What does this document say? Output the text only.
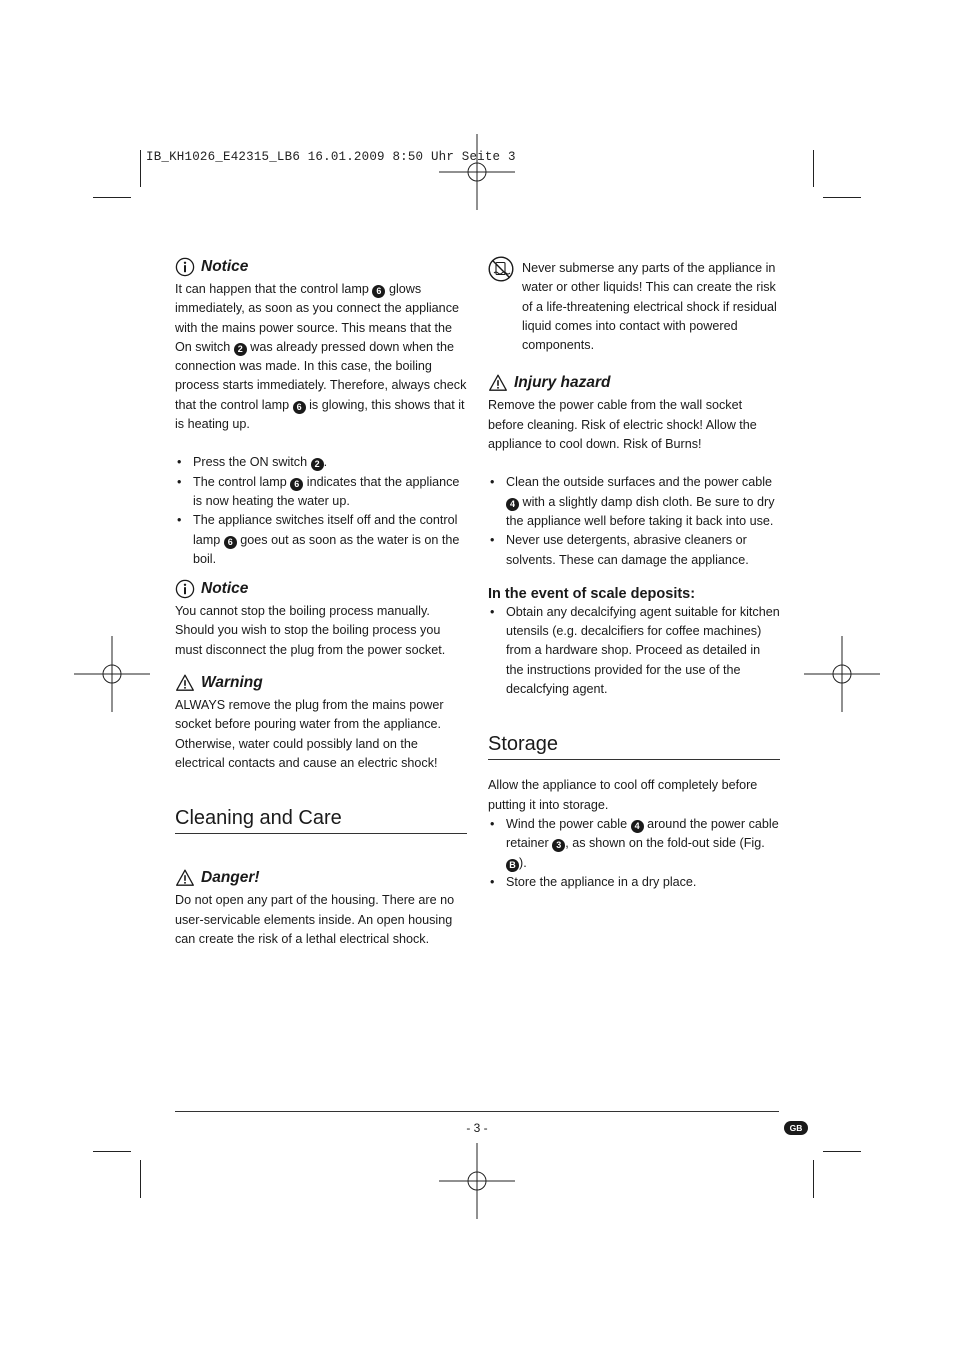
IB_KH1026_E42315_LB6 16.01.2009 8:50 Uhr Seite 3
Notice

It can happen that the control lamp 6 glows immediately, as soon as you connect the appliance with the mains power source. This means that the On switch 2 was already pressed down when the connection was made. In this case, the boiling process starts immediately. Therefore, always check that the control lamp 6 is glowing, this shows that it is heating up.

• Press the ON switch 2 .
• The control lamp 6 indicates that the appliance is now heating the water up.
• The appliance switches itself off and the control lamp 6 goes out as soon as the water is on the boil.
Notice

You cannot stop the boiling process manually. Should you wish to stop the boiling process you must disconnect the plug from the power socket.

Warning

ALWAYS remove the plug from the mains power socket before pouring water from the appliance. Otherwise, water could possibly land on the electrical contacts and cause an electric shock!

Cleaning and Care
Danger!

Do not open any part of the housing. There are no user-servicable elements inside. An open housing can create the risk of a lethal electrical shock.

Never submerse any parts of the appliance in water or other liquids! This can create the risk of a life-threatening electrical shock if residual liquid comes into contact with powered components.

Injury hazard

Remove the power cable from the wall socket before cleaning. Risk of electric shock! Allow the appliance to cool down. Risk of Burns!

• Clean the outside surfaces and the power cable 4 with a slightly damp dish cloth. Be sure to dry the appliance well before taking it back into use.
• Never use detergents, abrasive cleaners or solvents. These can damage the appliance.
In the event of scale deposits:
• Obtain any decalcifying agent suitable for kitchen utensils (e.g. decalcifiers for coffee machines) from a hardware shop. Proceed as detailed in the instructions provided for the use of the decalcfying agent.
Storage

Allow the appliance to cool off completely before putting it into storage.

• Wind the power cable 4 around the power cable retainer 3 , as shown on the fold-out side (Fig. B ).
• Store the appliance in a dry place.
- 3 -	GB
